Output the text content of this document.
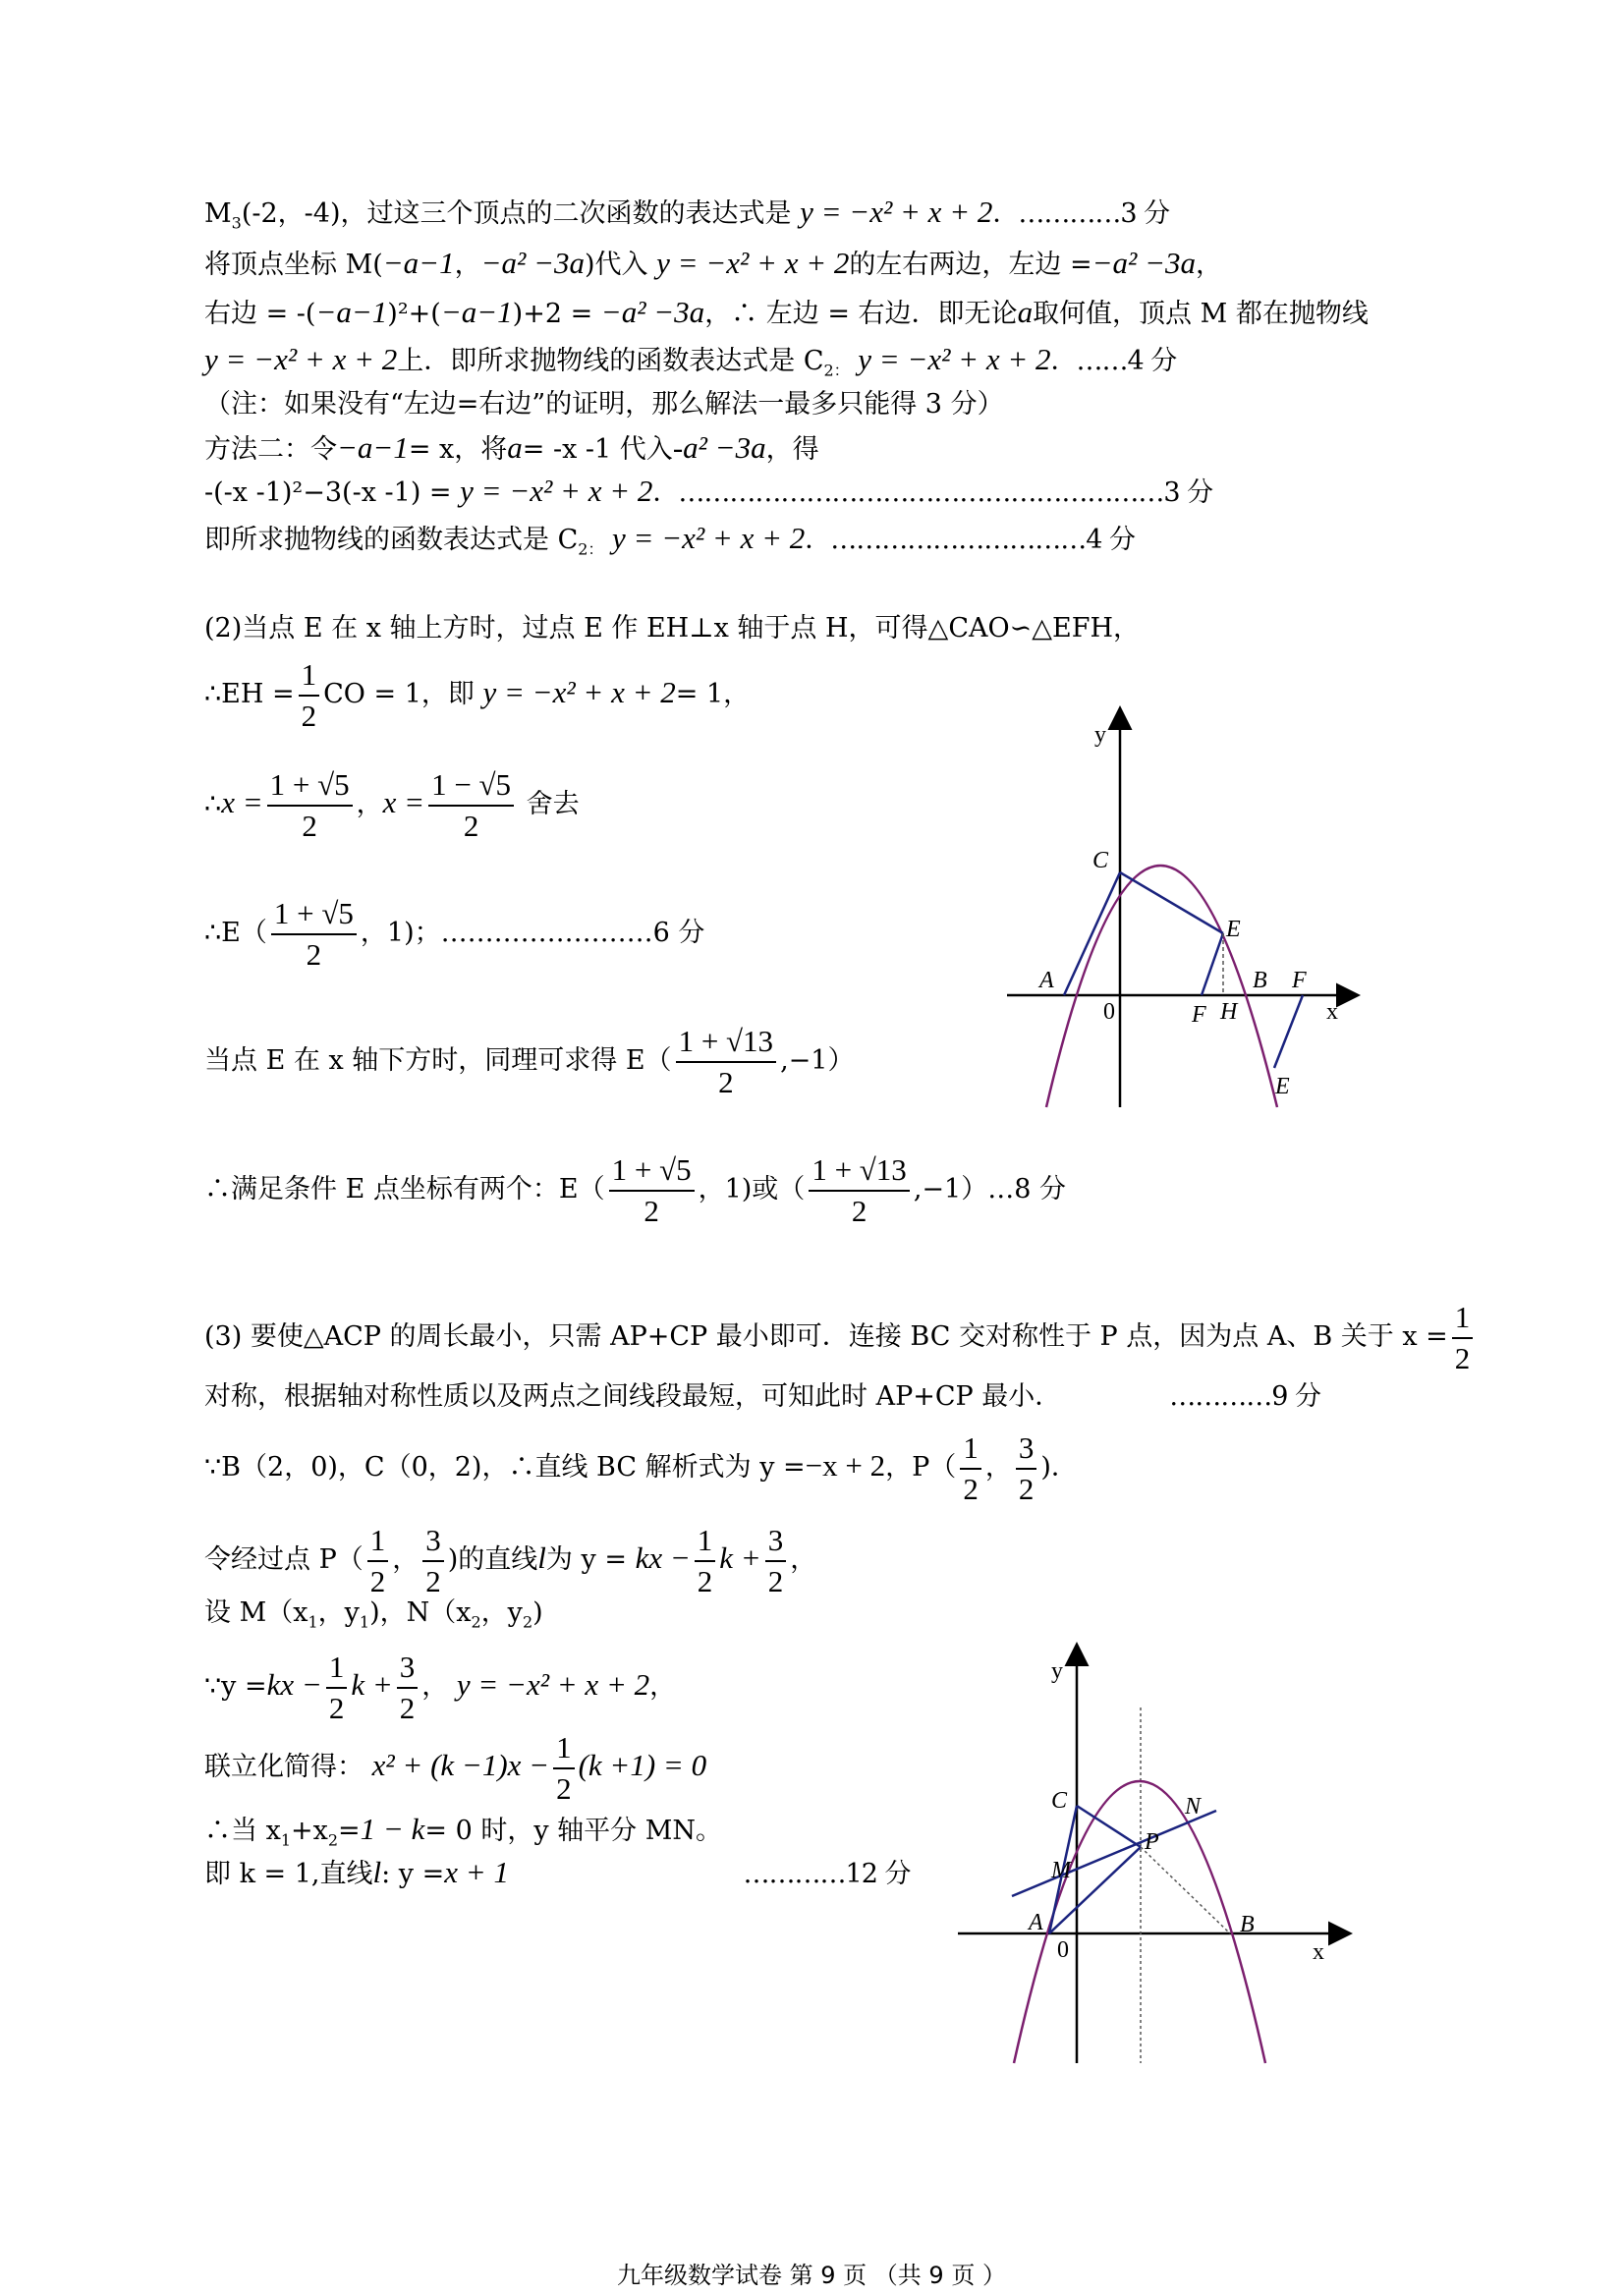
$M_3(-2$，-4)，过这三个顶点的二次函数的表达式是 y = −x² + x + 2．…………3 分
将顶点坐标 M(−a−1，−a² −3a)代入 y = −x² + x + 2的左右两边，左边 =−a² −3a，
右边 = -(−a−1)²+(−a−1)+2 = −a² −3a，∴ 左边 = 右边．即无论a取何值，顶点 M 都在抛物线
y = −x² + x + 2上．即所求抛物线的函数表达式是 $C_{2:}$ y = −x² + x + 2．……4 分
（注：如果没有“左边=右边”的证明，那么解法一最多只能得 3 分）
方法二：令−a−1= x，将a= -x -1 代入-a² −3a，得
-(-x -1)²−3(-x -1) = y = −x² + x + 2．…………………………………………………3 分
即所求抛物线的函数表达式是 $C_{2:}$ y = −x² + x + 2．…………………………4 分
(2)当点 E 在 x 轴上方时，过点 E 作 EH⊥x 轴于点 H，可得△CAO∽△EFH，
∴EH = $\frac{1}{2}$ CO = 1，即 y = −x² + x + 2= 1，
∴x = $\frac{1 + √5}{2}$ ，$x = \frac{1 - √5}{2}$ 舍去
∴E（ $\frac{1 + √5}{2}$ ，1)；……………………6 分
当点 E 在 x 轴下方时，同理可求得 $E( \frac{1 + √13}{2} ,-1)$
∴满足条件 E 点坐标有两个：$E( \frac{1 + √5}{2}$ ，1)或（ $\frac{1 + √13}{2}$ ,−1）…8 分
(3) 要使△ACP 的周长最小，只需 AP+CP 最小即可．连接 BC 交对称性于 P 点，因为点 A、B 关于 $x = \frac{1}{2}$
对称，根据轴对称性质以及两点之间线段最短，可知此时 AP+CP 最小．	…………9 分
∵B（2，0)，C（0，2)，∴直线 BC 解析式为 y =−x + 2，$P( \frac{1}{2}$ ， $\frac{3}{2}$ )．
令经过点 $P( \frac{1}{2}$ ， $\frac{3}{2}$ )的直线l为 y = kx − $\frac{1}{2}$ $k + \frac{3}{2}$ ，
设 $M(x_1$，$y_1$)，$N(x_2$，$y_2$)
∵y $=kx - \frac{1}{2}$ $k + \frac{3}{2}$ ， y = −x² + x + 2，
联立化简得： $x^2 + (k -1)x - \frac{1}{2} (k +1) = 0$
∴当 $x_1+x_2=1 - k= 0$ 时，y 轴平分 MN。
即 k = 1,直线l: y =x + 1	…………12 分
y
x
0
A	B
C
E
E
F
F
H
y
x
0
A	B
C
M
N
P
九年级数学试卷 第 9 页 （共 9 页 ）
